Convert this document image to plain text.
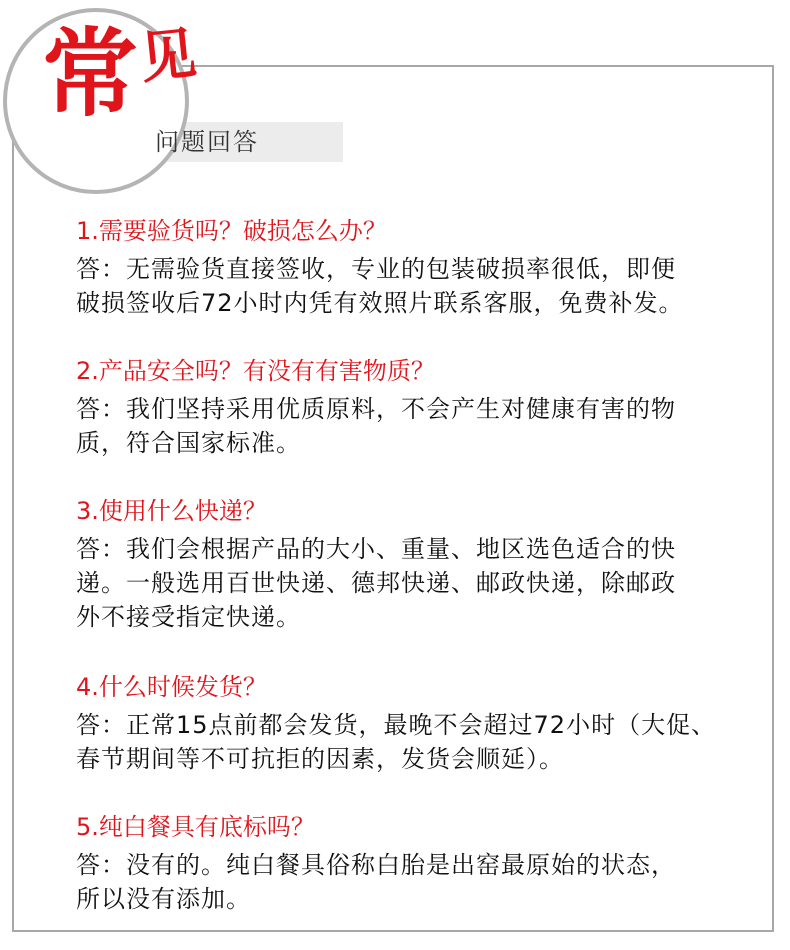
常 见
问题回答
1.需要验货吗？破损怎么办？
答：无需验货直接签收，专业的包装破损率很低，即便
破损签收后72小时内凭有效照片联系客服，免费补发。
2.产品安全吗？有没有有害物质？
答：我们坚持采用优质原料，不会产生对健康有害的物
质，符合国家标准。
3.使用什么快递？
答：我们会根据产品的大小、重量、地区选色适合的快
递。一般选用百世快递、德邦快递、邮政快递，除邮政
外不接受指定快递。
4.什么时候发货？
答：正常15点前都会发货，最晚不会超过72小时（大促、
春节期间等不可抗拒的因素，发货会顺延）。
5.纯白餐具有底标吗？
答：没有的。纯白餐具俗称白胎是出窑最原始的状态，
所以没有添加。
